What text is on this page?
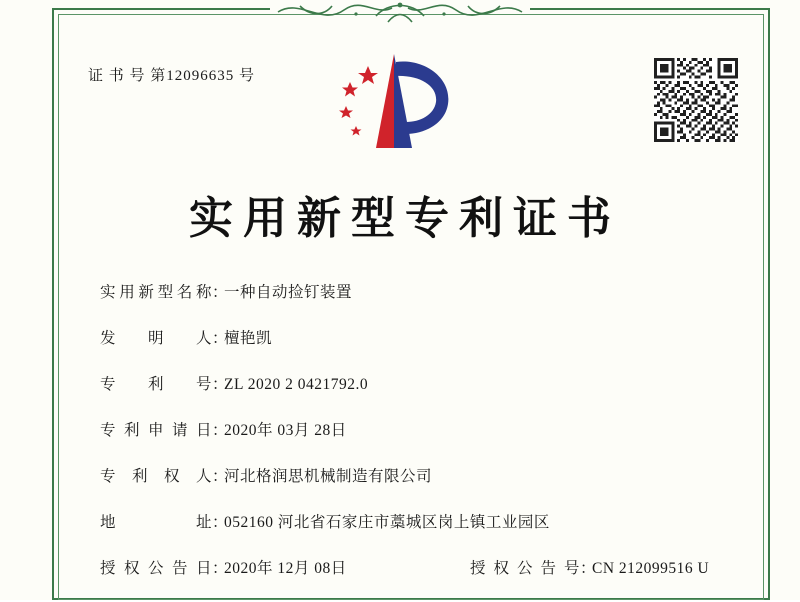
证 书 号 第12096635 号
实用新型专利证书
实用新型名称 ：
一种自动捡钉装置
发 明 人 ：
檀艳凯
专 利 号 ：
ZL 2020 2 0421792.0
专利申请日 ：
2020年 03月 28日
专 利 权 人 ：
河北格润思机械制造有限公司
地 址 ：
052160 河北省石家庄市藁城区岗上镇工业园区
授权公告日 ：
2020年 12月 08日	授权公告号 ：
CN 212099516 U
